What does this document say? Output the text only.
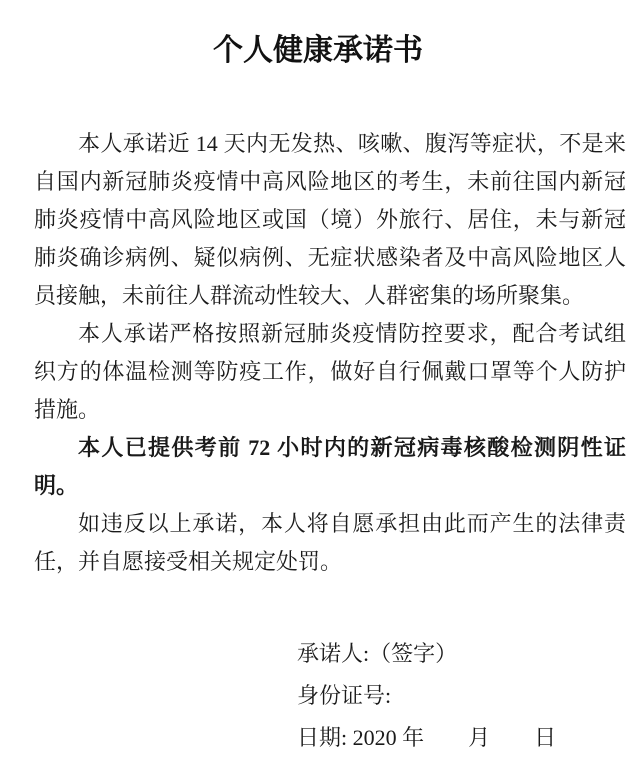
个人健康承诺书

本人承诺近 14 天内无发热、咳嗽、腹泻等症状，不是来自国内新冠肺炎疫情中高风险地区的考生，未前往国内新冠肺炎疫情中高风险地区或国（境）外旅行、居住，未与新冠肺炎确诊病例、疑似病例、无症状感染者及中高风险地区人员接触，未前往人群流动性较大、人群密集的场所聚集。

本人承诺严格按照新冠肺炎疫情防控要求，配合考试组织方的体温检测等防疫工作，做好自行佩戴口罩等个人防护措施。

本人已提供考前 72 小时内的新冠病毒核酸检测阴性证明。

如违反以上承诺，本人将自愿承担由此而产生的法律责任，并自愿接受相关规定处罚。

承诺人:（签字）
身份证号:
日期: 2020 年　　月　　日
